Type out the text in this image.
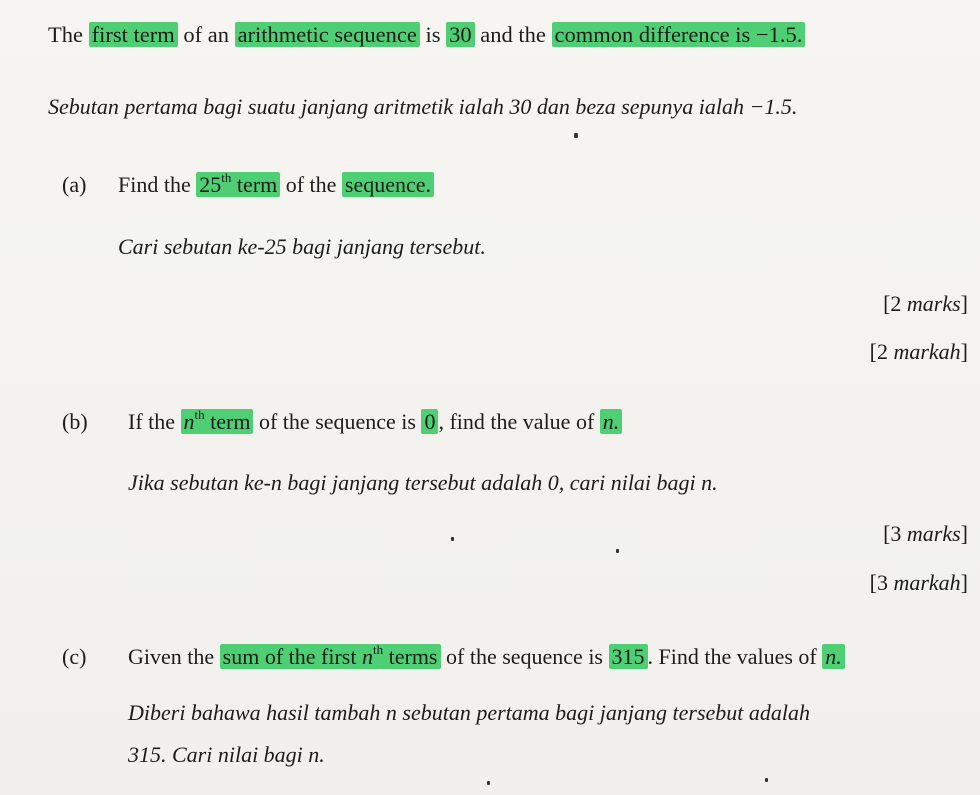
The first term of an arithmetic sequence is 30 and the common difference is −1.5.
Sebutan pertama bagi suatu janjang aritmetik ialah 30 dan beza sepunya ialah −1.5.
(a) Find the 25th term of the sequence.
Cari sebutan ke-25 bagi janjang tersebut.
[2 marks]
[2 markah]
(b) If the $n^{th}$ term of the sequence is 0 , find the value of n.
Jika sebutan ke-n bagi janjang tersebut adalah 0, cari nilai bagi n.
[3 marks]
[3 markah]
(c) Given the sum of the first $n^{th}$ terms of the sequence is 315 . Find the values of n.
Diberi bahawa hasil tambah n sebutan pertama bagi janjang tersebut adalah
315. Cari nilai bagi n.
